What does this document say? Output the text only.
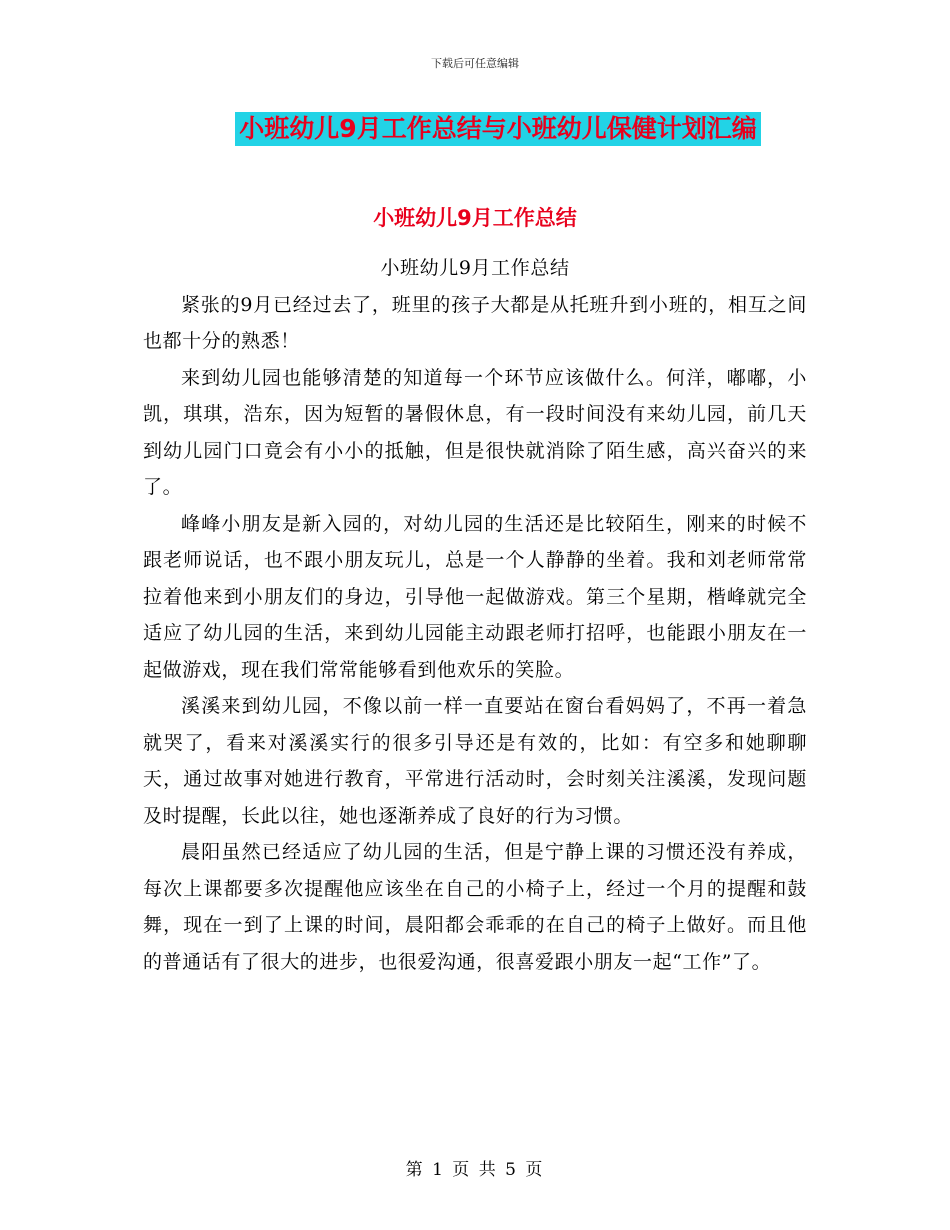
下载后可任意编辑
小班幼儿9月工作总结与小班幼儿保健计划汇编
小班幼儿9月工作总结

小班幼儿9月工作总结

紧张的9月已经过去了，班里的孩子大都是从托班升到小班的，相互之间也都十分的熟悉！

来到幼儿园也能够清楚的知道每一个环节应该做什么。何洋，嘟嘟，小凯，琪琪，浩东，因为短暂的暑假休息，有一段时间没有来幼儿园，前几天到幼儿园门口竟会有小小的抵触，但是很快就消除了陌生感，高兴奋兴的来了。

峰峰小朋友是新入园的，对幼儿园的生活还是比较陌生，刚来的时候不跟老师说话，也不跟小朋友玩儿，总是一个人静静的坐着。我和刘老师常常拉着他来到小朋友们的身边，引导他一起做游戏。第三个星期，楷峰就完全适应了幼儿园的生活，来到幼儿园能主动跟老师打招呼，也能跟小朋友在一起做游戏，现在我们常常能够看到他欢乐的笑脸。

溪溪来到幼儿园，不像以前一样一直要站在窗台看妈妈了，不再一着急就哭了，看来对溪溪实行的很多引导还是有效的，比如：有空多和她聊聊天，通过故事对她进行教育，平常进行活动时，会时刻关注溪溪，发现问题及时提醒，长此以往，她也逐渐养成了良好的行为习惯。

晨阳虽然已经适应了幼儿园的生活，但是宁静上课的习惯还没有养成，每次上课都要多次提醒他应该坐在自己的小椅子上，经过一个月的提醒和鼓舞，现在一到了上课的时间，晨阳都会乖乖的在自己的椅子上做好。而且他的普通话有了很大的进步，也很爱沟通，很喜爱跟小朋友一起“工作”了。

第 1 页 共 5 页
